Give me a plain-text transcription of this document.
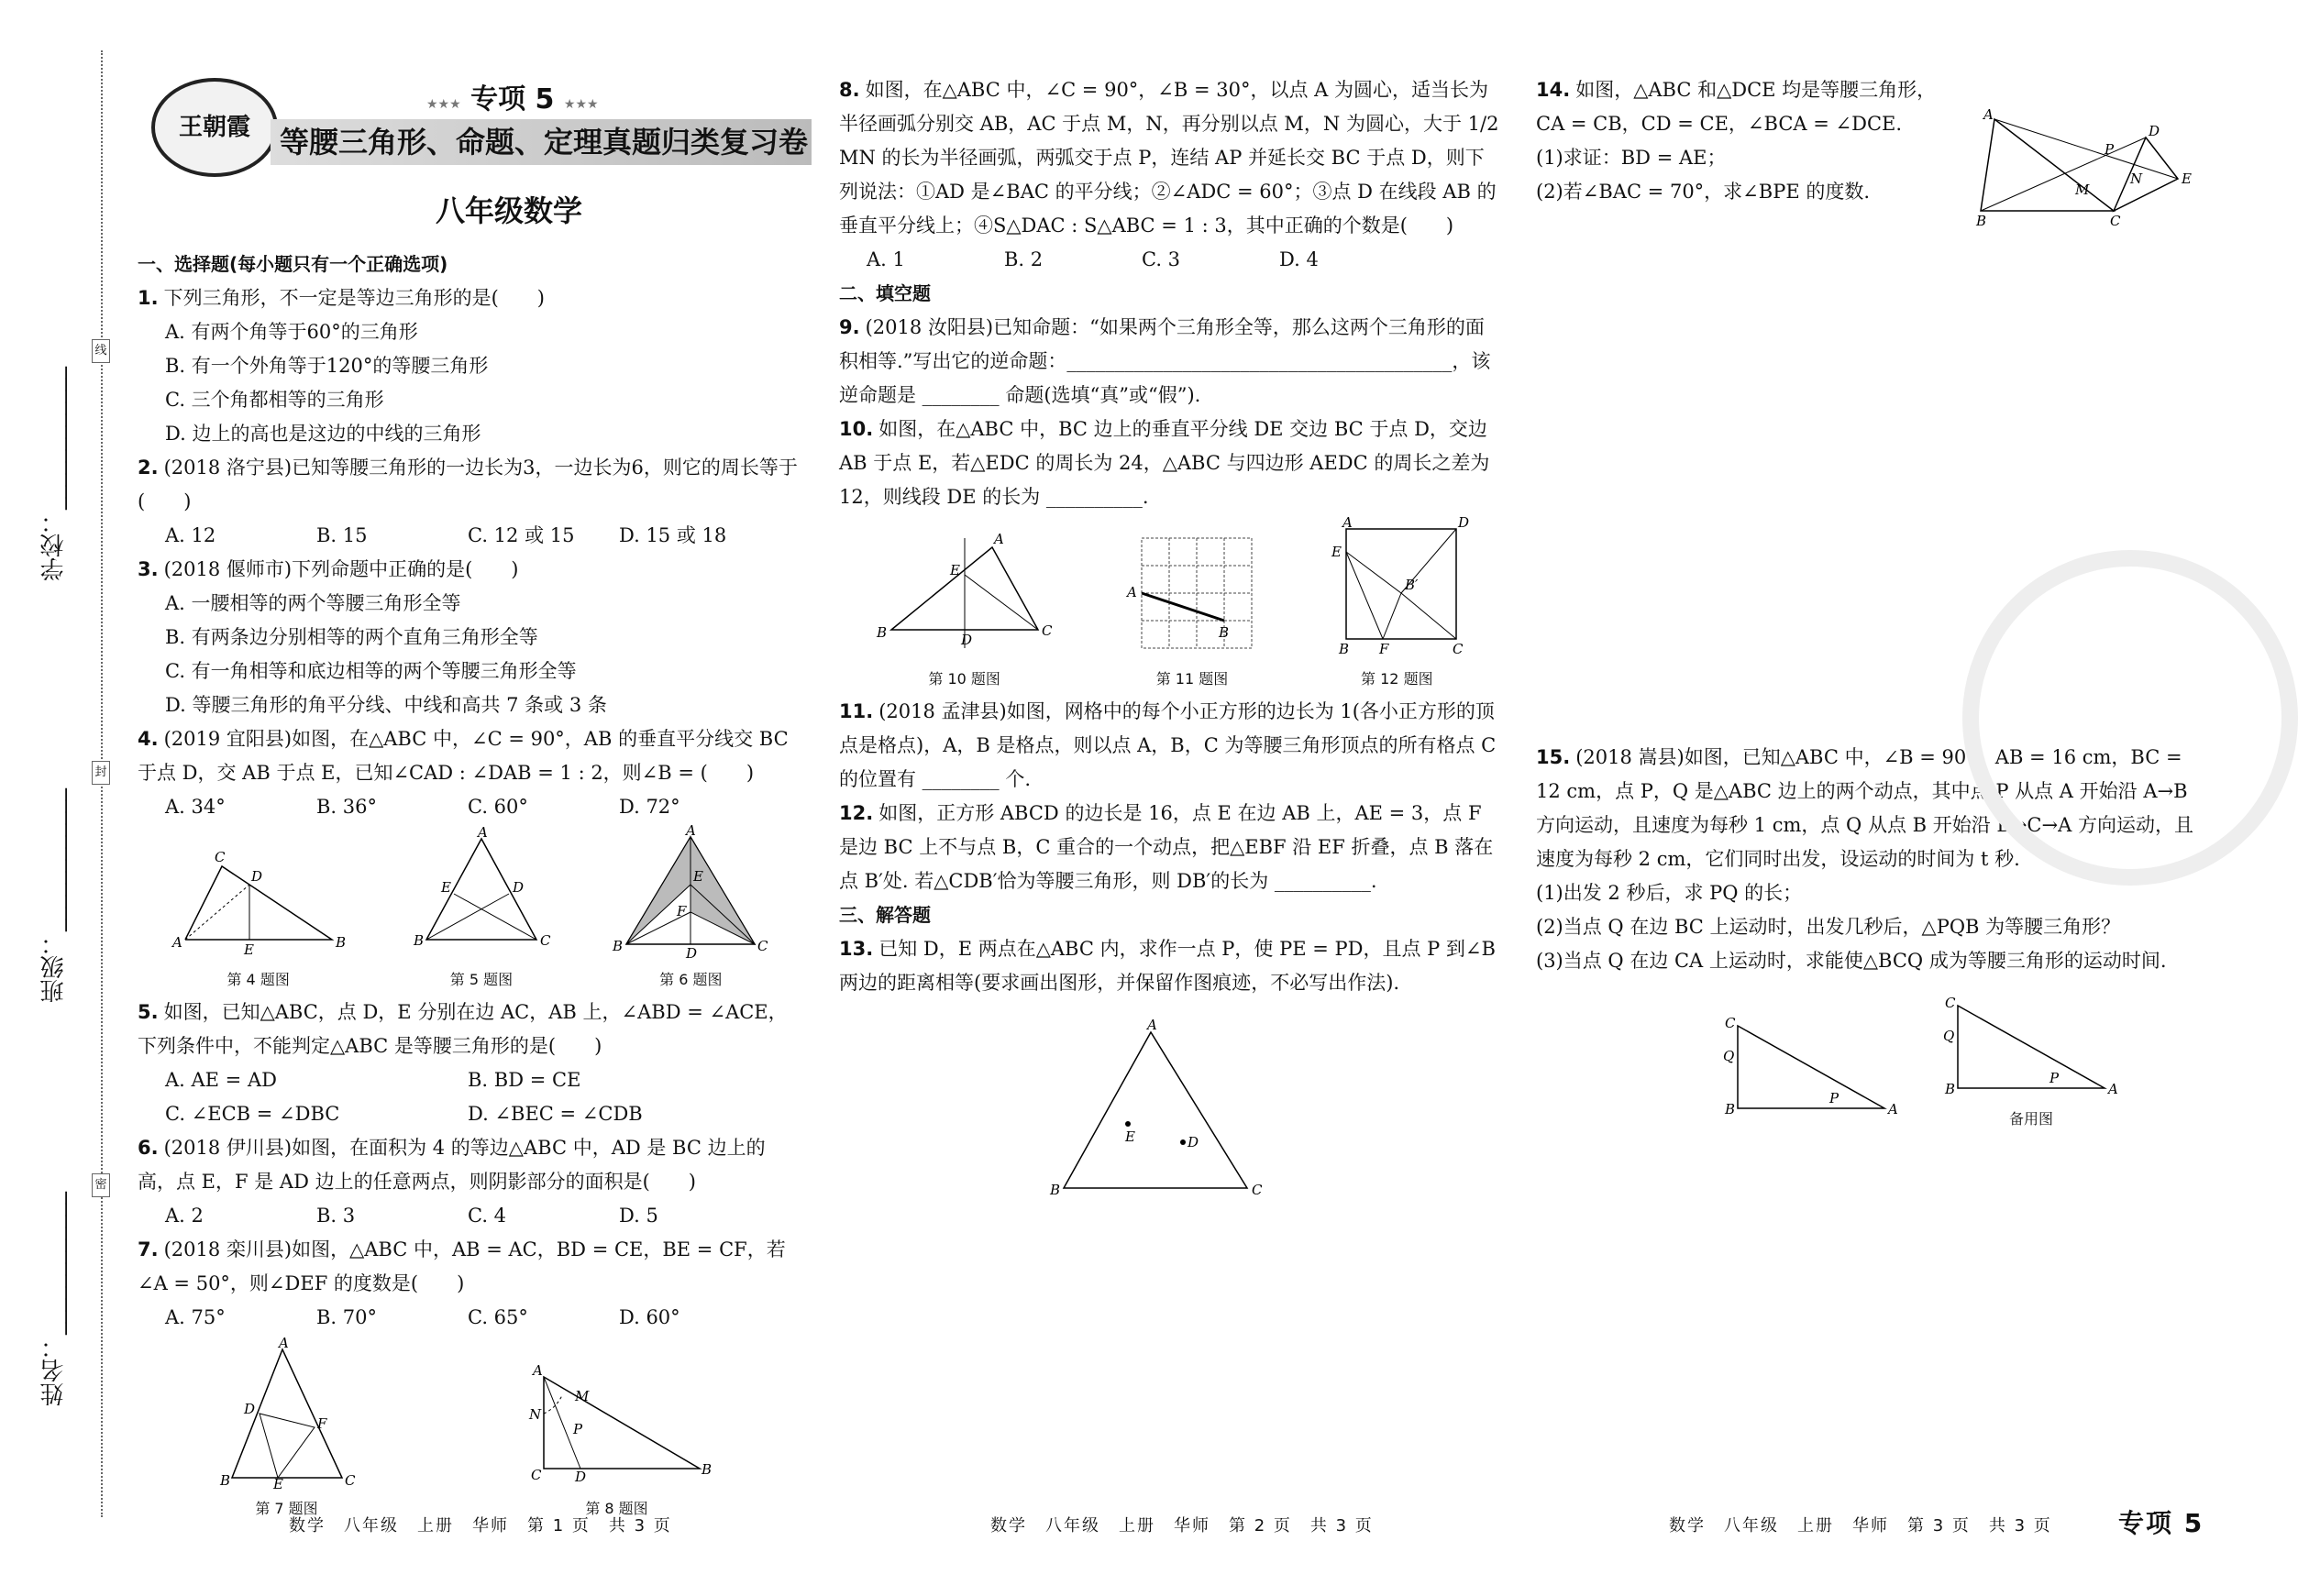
学校：____________
班级：____________
姓名：____________
线
封
密
王朝霞
★★★ 专项 5 ★★★
等腰三角形、命题、定理真题归类复习卷
八年级数学
一、选择题(每小题只有一个正确选项)
1. 下列三角形，不一定是等边三角形的是(　　)
A. 有两个角等于60°的三角形
B. 有一个外角等于120°的等腰三角形
C. 三个角都相等的三角形
D. 边上的高也是这边的中线的三角形
2. (2018 洛宁县)已知等腰三角形的一边长为3，一边长为6，则它的周长等于(　　)
A. 12	B. 15	C. 12 或 15	D. 15 或 18
3. (2018 偃师市)下列命题中正确的是(　　)
A. 一腰相等的两个等腰三角形全等
B. 有两条边分别相等的两个直角三角形全等
C. 有一角相等和底边相等的两个等腰三角形全等
D. 等腰三角形的角平分线、中线和高共 7 条或 3 条
4. (2019 宜阳县)如图，在△ABC 中，∠C = 90°，AB 的垂直平分线交 BC 于点 D，交 AB 于点 E，已知∠CAD : ∠DAB = 1 : 2，则∠B = (　　)
A. 34°	B. 36°	C. 60°	D. 72°
C
D
A	E	B
第 4 题图
A
E	D
B	C
第 5 题图
A
E
F
B	D	C
第 6 题图
5. 如图，已知△ABC，点 D，E 分别在边 AC，AB 上，∠ABD = ∠ACE，下列条件中，不能判定△ABC 是等腰三角形的是(　　)
A. AE = AD	B. BD = CE
C. ∠ECB = ∠DBC	D. ∠BEC = ∠CDB
6. (2018 伊川县)如图，在面积为 4 的等边△ABC 中，AD 是 BC 边上的高，点 E，F 是 AD 边上的任意两点，则阴影部分的面积是(　　)
A. 2	B. 3	C. 4	D. 5
7. (2018 栾川县)如图，△ABC 中，AB = AC，BD = CE，BE = CF，若∠A = 50°，则∠DEF 的度数是(　　)
A. 75°	B. 70°	C. 65°	D. 60°
A
D
F
B	E	C
第 7 题图
A
N
M
P
C D	B
第 8 题图
8. 如图，在△ABC 中，∠C = 90°，∠B = 30°，以点 A 为圆心，适当长为半径画弧分别交 AB，AC 于点 M，N，再分别以点 M，N 为圆心，大于 1/2 MN 的长为半径画弧，两弧交于点 P，连结 AP 并延长交 BC 于点 D，则下列说法：①AD 是∠BAC 的平分线；②∠ADC = 60°；③点 D 在线段 AB 的垂直平分线上；④S△DAC : S△ABC = 1 : 3，其中正确的个数是(　　)
A. 1	B. 2	C. 3	D. 4
二、填空题
9. (2018 汝阳县)已知命题：“如果两个三角形全等，那么这两个三角形的面积相等.”写出它的逆命题：________________________________________，该逆命题是 ________ 命题(选填“真”或“假”).
10. 如图，在△ABC 中，BC 边上的垂直平分线 DE 交边 BC 于点 D，交边 AB 于点 E，若△EDC 的周长为 24，△ABC 与四边形 AEDC 的周长之差为 12，则线段 DE 的长为 __________.
A
E
B	D
C
第 10 题图
A
B
第 11 题图
A	D
E
B′
B F	C
第 12 题图
11. (2018 孟津县)如图，网格中的每个小正方形的边长为 1(各小正方形的顶点是格点)，A，B 是格点，则以点 A，B，C 为等腰三角形顶点的所有格点 C 的位置有 ________ 个.
12. 如图，正方形 ABCD 的边长是 16，点 E 在边 AB 上，AE = 3，点 F 是边 BC 上不与点 B，C 重合的一个动点，把△EBF 沿 EF 折叠，点 B 落在点 B′处. 若△CDB′恰为等腰三角形，则 DB′的长为 __________.
三、解答题
13. 已知 D，E 两点在△ABC 内，求作一点 P，使 PE = PD，且点 P 到∠B 两边的距离相等(要求画出图形，并保留作图痕迹，不必写出作法).
A
E	D
B	C
14. 如图，△ABC 和△DCE 均是等腰三角形，CA = CB，CD = CE，∠BCA = ∠DCE.
(1)求证：BD = AE；
(2)若∠BAC = 70°，求∠BPE 的度数.
A
P
D
M
N	E
B	C
15. (2018 嵩县)如图，已知△ABC 中，∠B = 90°，AB = 16 cm，BC = 12 cm，点 P，Q 是△ABC 边上的两个动点，其中点 P 从点 A 开始沿 A→B 方向运动，且速度为每秒 1 cm，点 Q 从点 B 开始沿 B→C→A 方向运动，且速度为每秒 2 cm，它们同时出发，设运动的时间为 t 秒.
(1)出发 2 秒后，求 PQ 的长；
(2)当点 Q 在边 BC 上运动时，出发几秒后，△PQB 为等腰三角形？
(3)当点 Q 在边 CA 上运动时，求能使△BCQ 成为等腰三角形的运动时间.
C
Q
B
P
A
C
Q
B
P
A
备用图
数学　八年级　上册　华师　第 1 页　共 3 页	数学　八年级　上册　华师　第 2 页　共 3 页	数学　八年级　上册　华师　第 3 页　共 3 页	专项 5
